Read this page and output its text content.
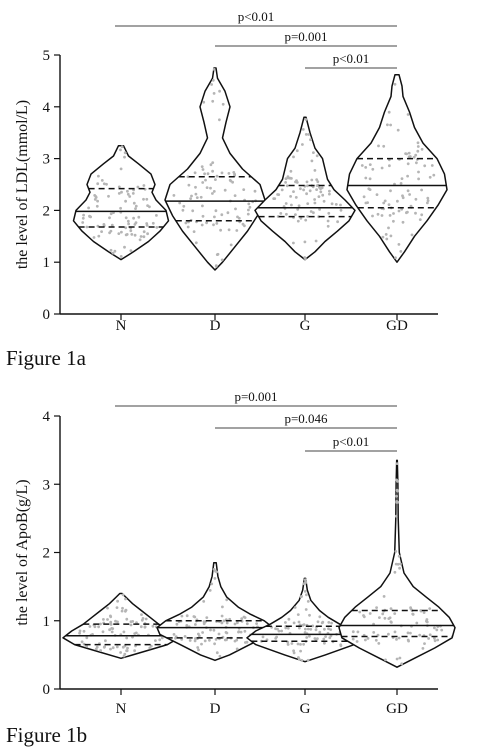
0
1
2
3
4
5
the level of LDL(mmol/L)
N	D	G	GD
p<0.01
p=0.001
p<0.01
0
1
2
3
4
the level of ApoB(g/L)
N	D	G	GD
p=0.001
p=0.046
p<0.01
Figure 1a
Figure 1b
